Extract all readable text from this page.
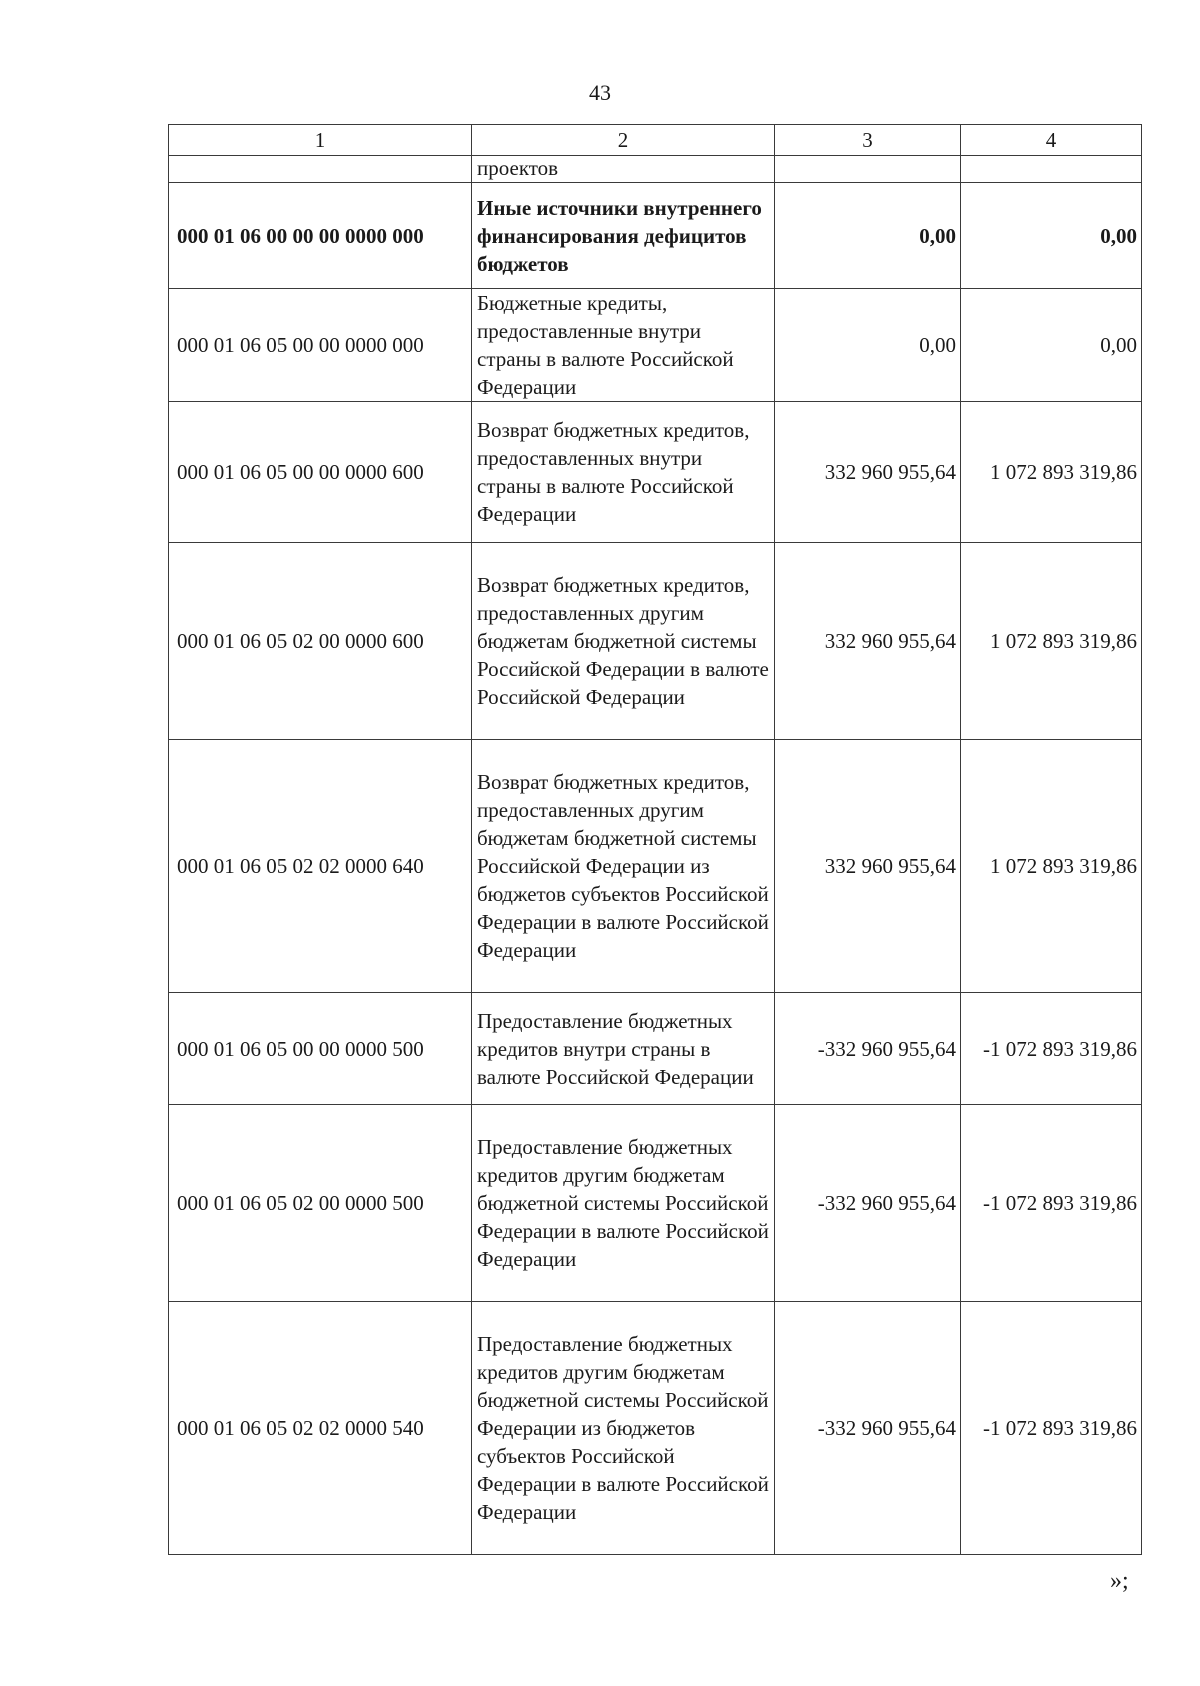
43
1	2	3	4
	проектов		
000 01 06 00 00 00 0000 000	Иные источники внутреннего финансирования дефицитов бюджетов	0,00	0,00
000 01 06 05 00 00 0000 000	Бюджетные кредиты, предоставленные внутри страны в валюте Российской Федерации	0,00	0,00
000 01 06 05 00 00 0000 600	Возврат бюджетных кредитов, предоставленных внутри страны в валюте Российской Федерации	332 960 955,64	1 072 893 319,86
000 01 06 05 02 00 0000 600	Возврат бюджетных кредитов, предоставленных другим бюджетам бюджетной системы Российской Федерации в валюте Российской Федерации	332 960 955,64	1 072 893 319,86
000 01 06 05 02 02 0000 640	Возврат бюджетных кредитов, предоставленных другим бюджетам бюджетной системы Российской Федерации из бюджетов субъектов Российской Федерации в валюте Российской Федерации	332 960 955,64	1 072 893 319,86
000 01 06 05 00 00 0000 500	Предоставление бюджетных кредитов внутри страны в валюте Российской Федерации	-332 960 955,64	-1 072 893 319,86
000 01 06 05 02 00 0000 500	Предоставление бюджетных кредитов другим бюджетам бюджетной системы Российской Федерации в валюте Российской Федерации	-332 960 955,64	-1 072 893 319,86
000 01 06 05 02 02 0000 540	Предоставление бюджетных кредитов другим бюджетам бюджетной системы Российской Федерации из бюджетов субъектов Российской Федерации в валюте Российской Федерации	-332 960 955,64	-1 072 893 319,86
»;
